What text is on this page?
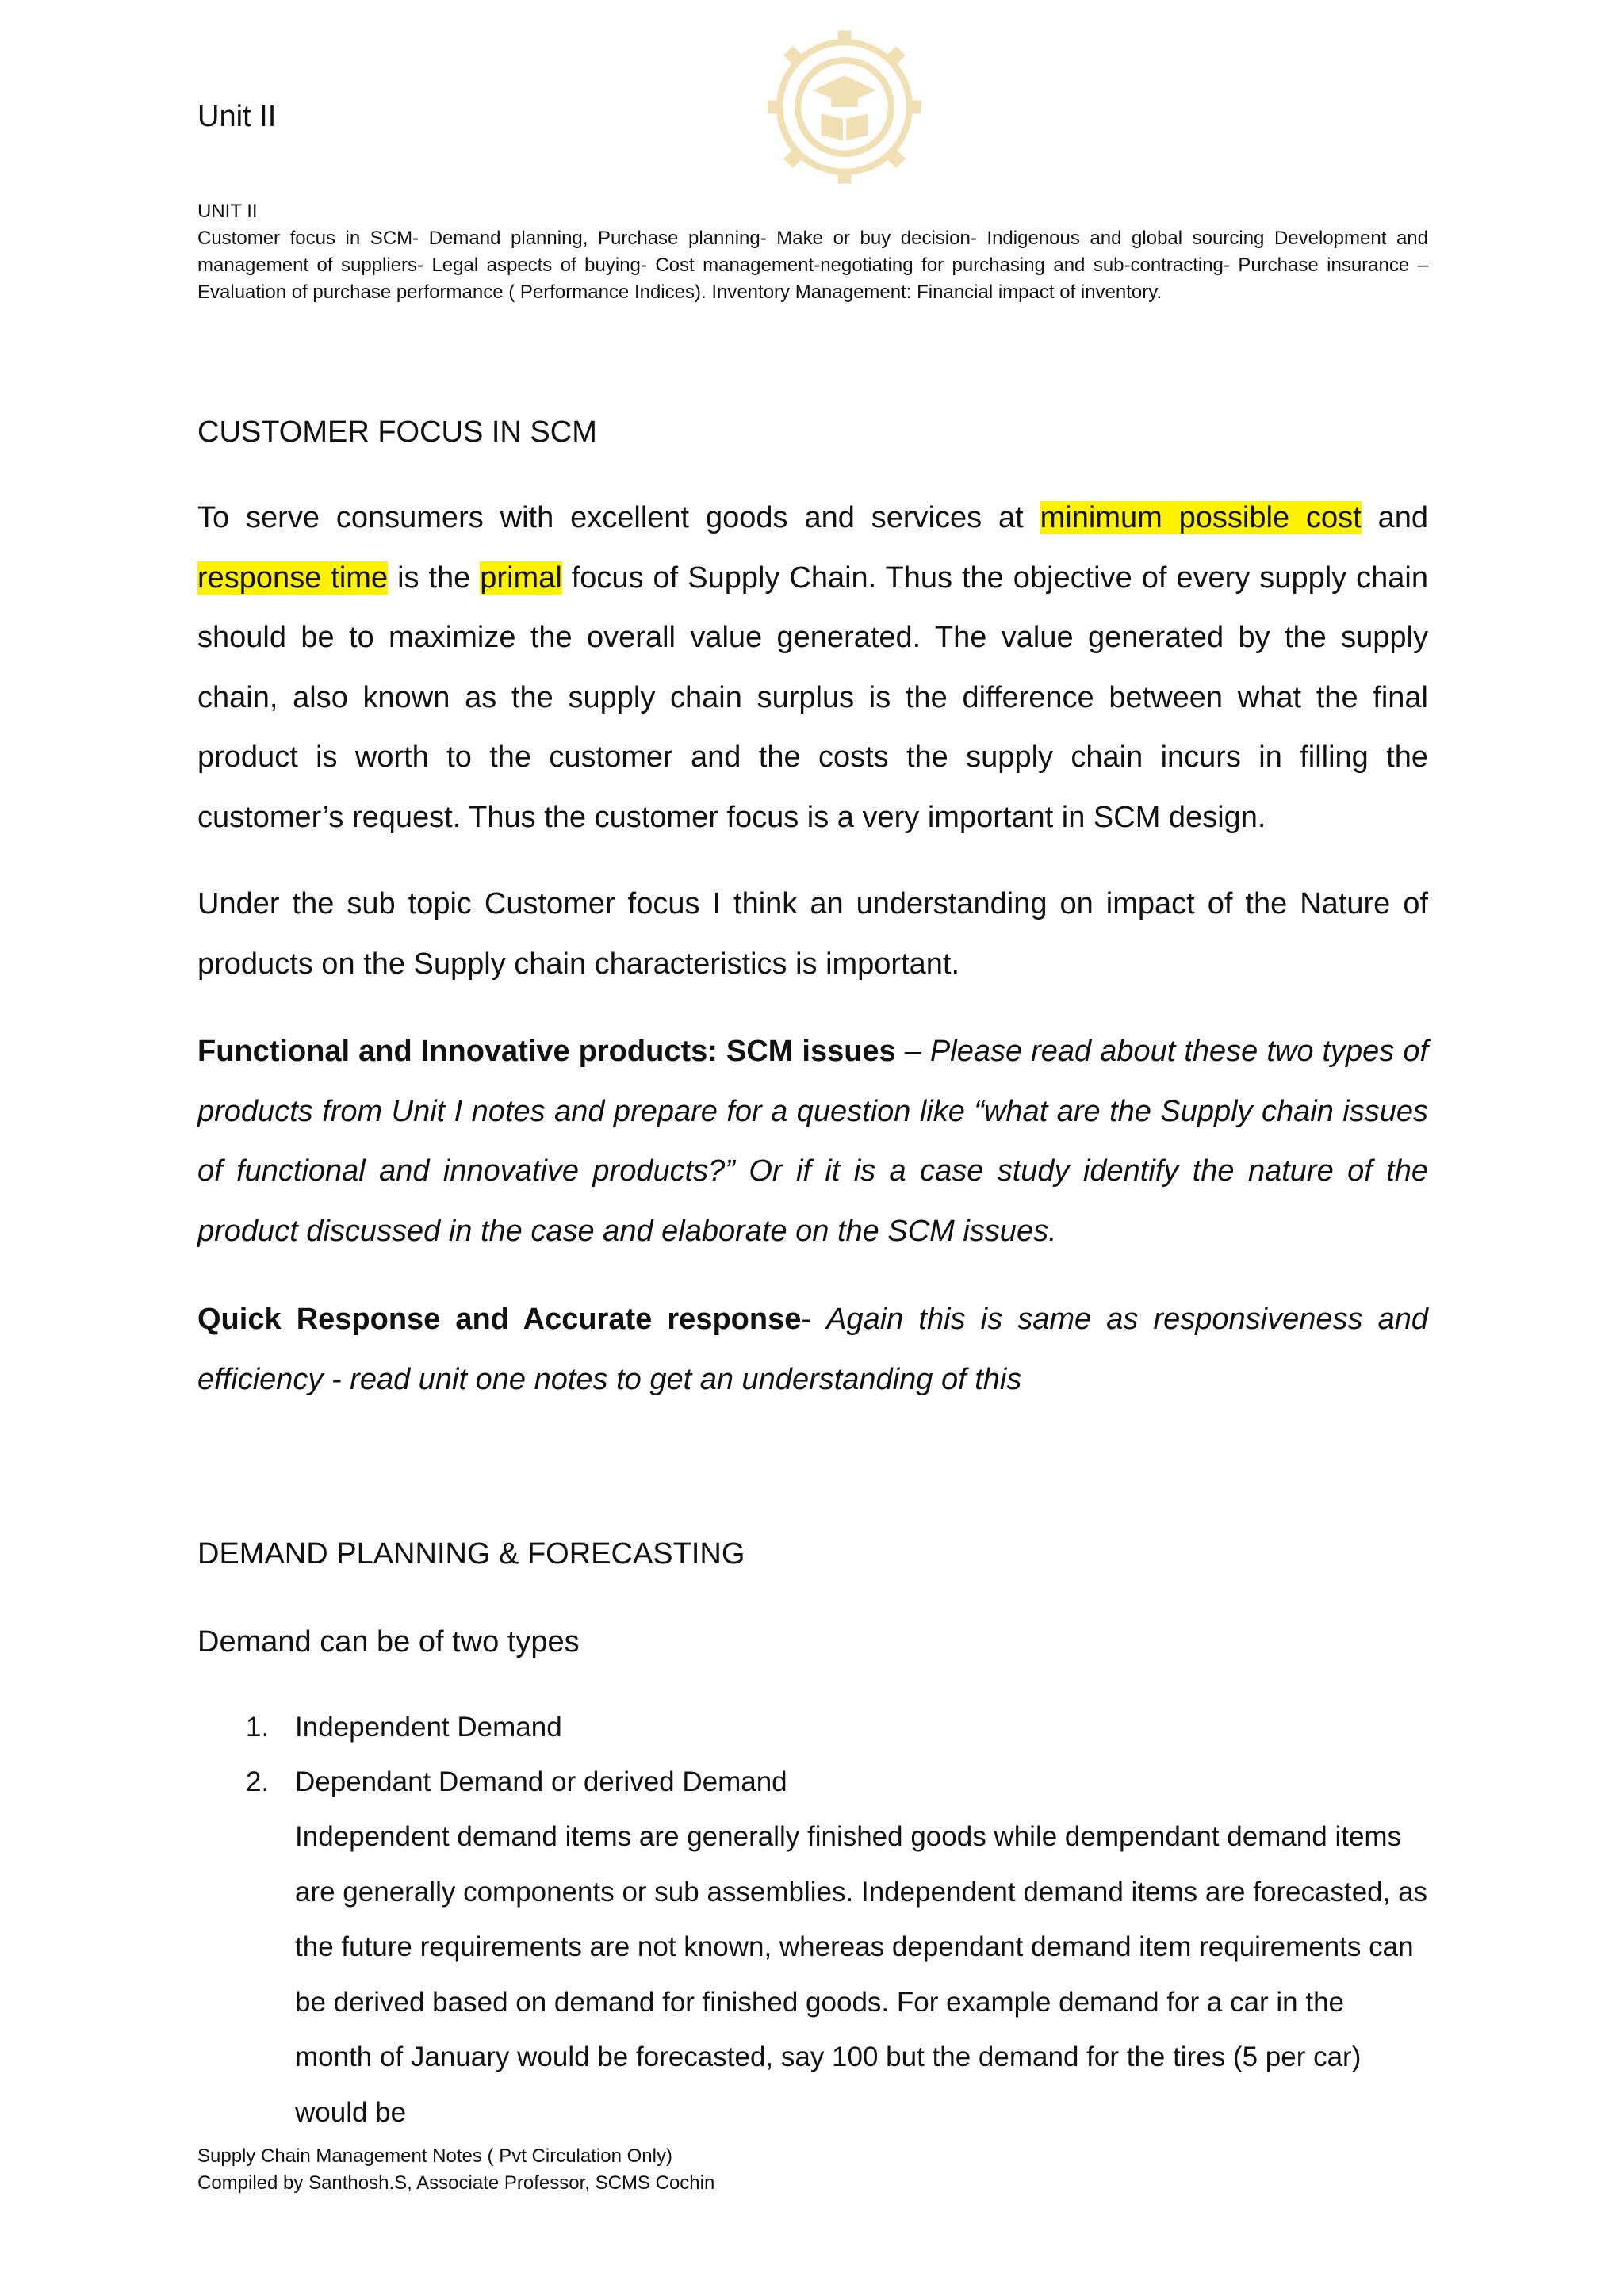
Unit II
UNIT II
Customer focus in SCM- Demand planning, Purchase planning- Make or buy decision- Indigenous and global sourcing Development and management of suppliers- Legal aspects of buying- Cost management-negotiating for purchasing and sub-contracting- Purchase insurance – Evaluation of purchase performance ( Performance Indices). Inventory Management: Financial impact of inventory.
CUSTOMER FOCUS IN SCM
To serve consumers with excellent goods and services at minimum possible cost and response time is the primal focus of Supply Chain. Thus the objective of every supply chain should be to maximize the overall value generated. The value generated by the supply chain, also known as the supply chain surplus is the difference between what the final product is worth to the customer and the costs the supply chain incurs in filling the customer’s request. Thus the customer focus is a very important in SCM design.
Under the sub topic Customer focus I think an understanding on impact of the Nature of products on the Supply chain characteristics is important.
Functional and Innovative products: SCM issues – Please read about these two types of products from Unit I notes and prepare for a question like “what are the Supply chain issues of functional and innovative products?” Or if it is a case study identify the nature of the product discussed in the case and elaborate on the SCM issues.
Quick Response and Accurate response- Again this is same as responsiveness and efficiency - read unit one notes to get an understanding of this
DEMAND PLANNING & FORECASTING
Demand can be of two types
1. Independent Demand
2. Dependant Demand or derived Demand
Independent demand items are generally finished goods while dempendant demand items are generally components or sub assemblies. Independent demand items are forecasted, as the future requirements are not known, whereas dependant demand item requirements can be derived based on demand for finished goods. For example demand for a car in the month of January would be forecasted, say 100 but the demand for the tires (5 per car) would be
Supply Chain Management Notes ( Pvt Circulation Only)
Compiled by Santhosh.S, Associate Professor, SCMS Cochin
